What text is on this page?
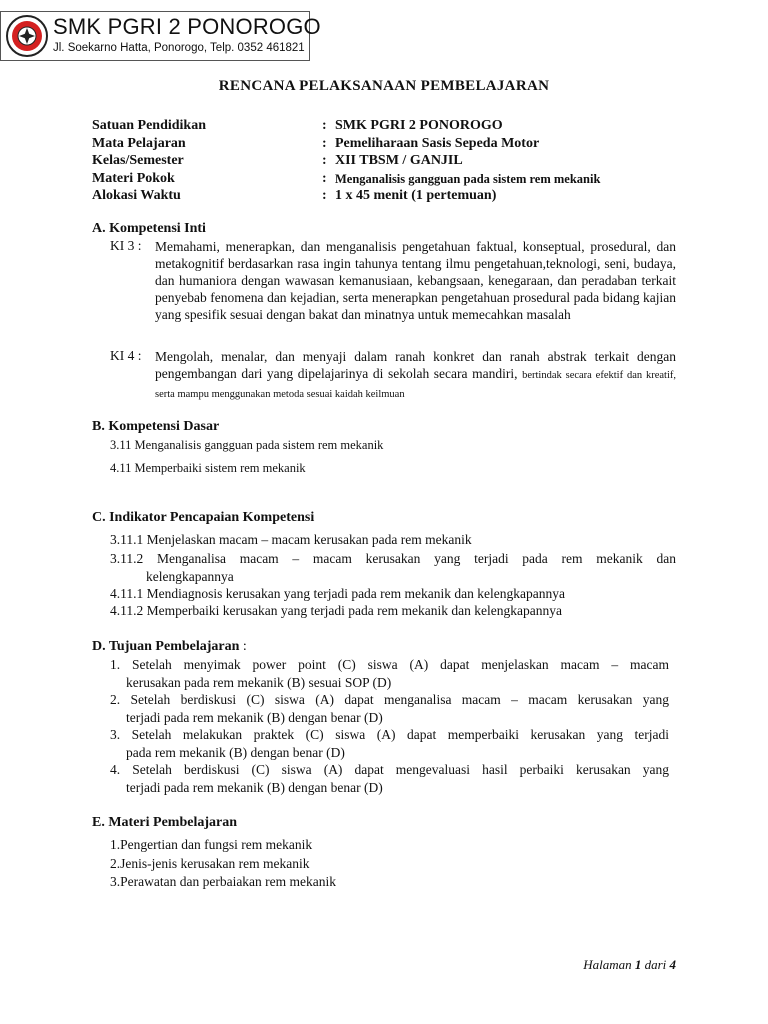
SMK PGRI 2 PONOROGO
Jl. Soekarno Hatta, Ponorogo, Telp. 0352 461821
RENCANA PELAKSANAAN PEMBELAJARAN
Satuan Pendidikan	: SMK PGRI 2 PONOROGO
Mata Pelajaran	: Pemeliharaan Sasis Sepeda Motor
Kelas/Semester	: XII TBSM / GANJIL
Materi Pokok	: Menganalisis gangguan pada sistem rem mekanik
Alokasi Waktu	: 1 x 45 menit (1 pertemuan)
A. Kompetensi Inti
KI 3 : Memahami, menerapkan, dan menganalisis pengetahuan faktual, konseptual, prosedural, dan metakognitif berdasarkan rasa ingin tahunya tentang ilmu pengetahuan,teknologi, seni, budaya, dan humaniora dengan wawasan kemanusiaan, kebangsaan, kenegaraan, dan peradaban terkait penyebab fenomena dan kejadian, serta menerapkan pengetahuan prosedural pada bidang kajian yang spesifik sesuai dengan bakat dan minatnya untuk memecahkan masalah

KI 4 : Mengolah, menalar, dan menyaji dalam ranah konkret dan ranah abstrak terkait dengan pengembangan dari yang dipelajarinya di sekolah secara mandiri, bertindak secara efektif dan kreatif, serta mampu menggunakan metoda sesuai kaidah keilmuan

B. Kompetensi Dasar
3.11 Menganalisis gangguan pada sistem rem mekanik
4.11 Memperbaiki sistem rem mekanik
C. Indikator Pencapaian Kompetensi
3.11.1 Menjelaskan macam – macam kerusakan pada rem mekanik
3.11.2 Menganalisa macam – macam kerusakan yang terjadi pada rem mekanik dan
kelengkapannya
4.11.1 Mendiagnosis kerusakan yang terjadi pada rem mekanik dan kelengkapannya
4.11.2 Memperbaiki kerusakan yang terjadi pada rem mekanik dan kelengkapannya
D. Tujuan Pembelajaran :
1. Setelah menyimak power point (C) siswa (A) dapat menjelaskan macam – macam
kerusakan pada rem mekanik (B) sesuai SOP (D)
2. Setelah berdiskusi (C) siswa (A) dapat menganalisa macam – macam kerusakan yang
terjadi pada rem mekanik (B) dengan benar (D)
3. Setelah melakukan praktek (C) siswa (A) dapat memperbaiki kerusakan yang terjadi
pada rem mekanik (B) dengan benar (D)
4. Setelah berdiskusi (C) siswa (A) dapat mengevaluasi hasil perbaiki kerusakan yang
terjadi pada rem mekanik (B) dengan benar (D)
E. Materi Pembelajaran
1.Pengertian dan fungsi rem mekanik
2.Jenis-jenis kerusakan rem mekanik
3.Perawatan dan perbaiakan rem mekanik
Halaman 1 dari 4
